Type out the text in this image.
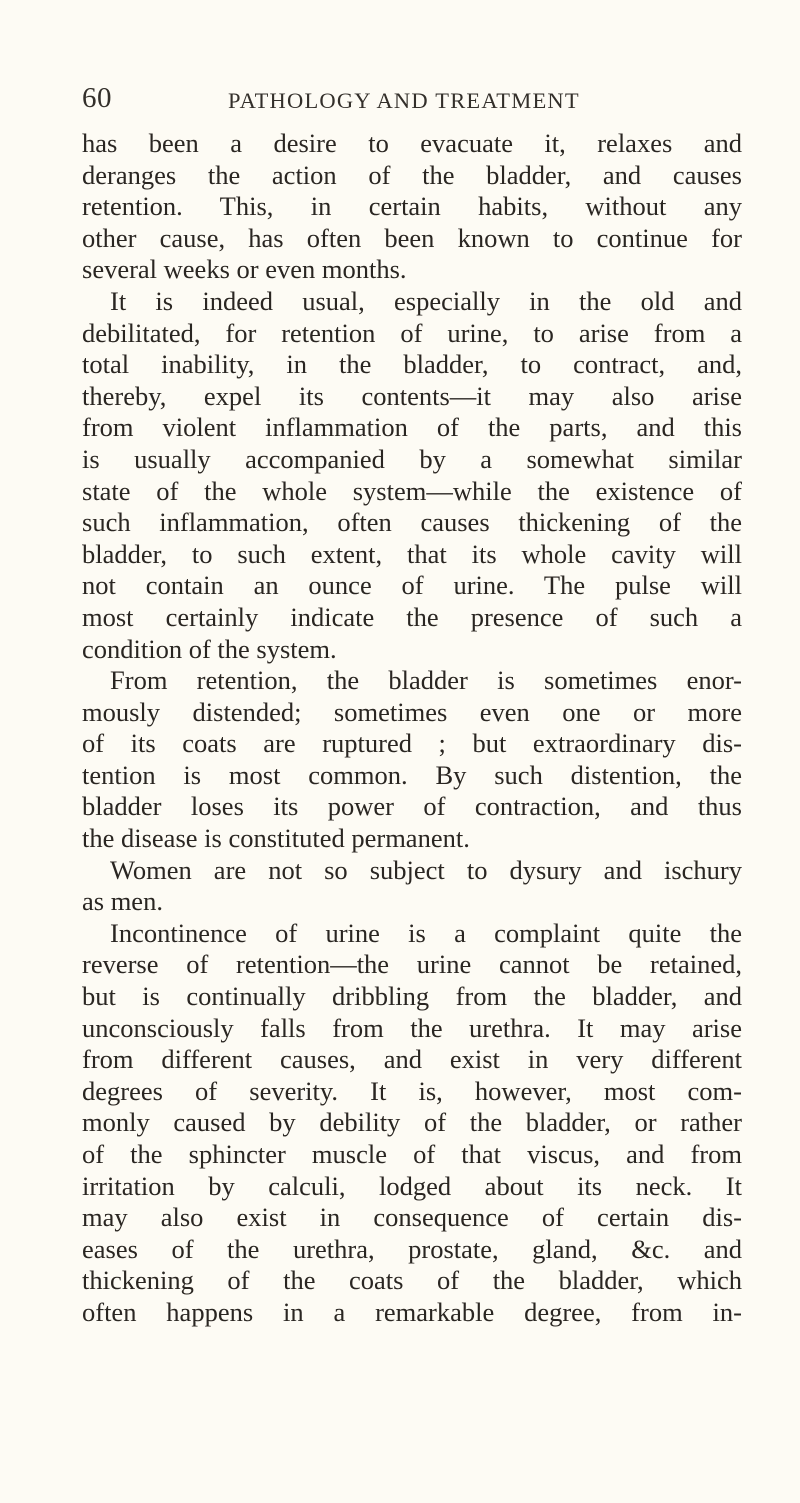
60	PATHOLOGY AND TREATMENT
has been a desire to evacuate it, relaxes and
deranges the action of the bladder, and causes
retention. This, in certain habits, without any
other cause, has often been known to continue for
several weeks or even months.
It is indeed usual, especially in the old and
debilitated, for retention of urine, to arise from a
total inability, in the bladder, to contract, and,
thereby, expel its contents—it may also arise
from violent inflammation of the parts, and this
is usually accompanied by a somewhat similar
state of the whole system—while the existence of
such inflammation, often causes thickening of the
bladder, to such extent, that its whole cavity will
not contain an ounce of urine. The pulse will
most certainly indicate the presence of such a
condition of the system.
From retention, the bladder is sometimes enor-
mously distended; sometimes even one or more
of its coats are ruptured ; but extraordinary dis-
tention is most common. By such distention, the
bladder loses its power of contraction, and thus
the disease is constituted permanent.
Women are not so subject to dysury and ischury
as men.
Incontinence of urine is a complaint quite the
reverse of retention—the urine cannot be retained,
but is continually dribbling from the bladder, and
unconsciously falls from the urethra. It may arise
from different causes, and exist in very different
degrees of severity. It is, however, most com-
monly caused by debility of the bladder, or rather
of the sphincter muscle of that viscus, and from
irritation by calculi, lodged about its neck. It
may also exist in consequence of certain dis-
eases of the urethra, prostate, gland, &c. and
thickening of the coats of the bladder, which
often happens in a remarkable degree, from in-
